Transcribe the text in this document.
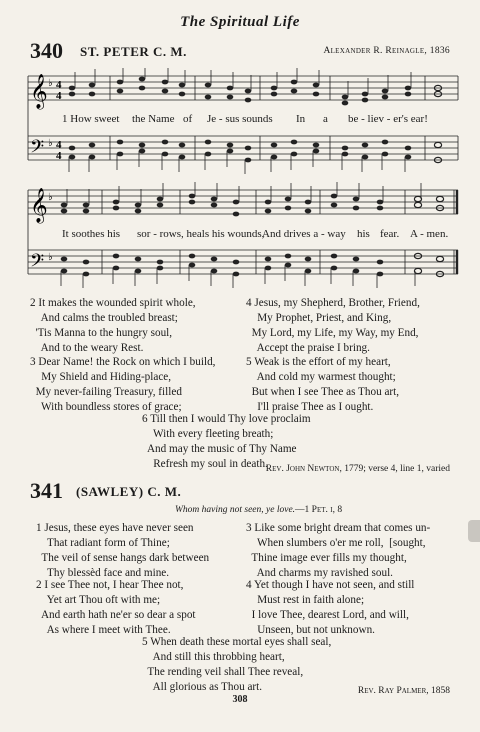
The Spiritual Life
340 ST. PETER C. M.	Alexander R. Reinagle, 1836
𝄞
𝄢
♭
♭
4
4
4
4
1 How sweet the Name of Je - sus sounds In a be - liev - er's ear!
𝄞
𝄢
♭
♭
It soothes his sor - rows, heals his wounds,
And drives a - way his fear. A - men.
2 It makes the wounded spirit whole,
And calms the troubled breast;
'Tis Manna to the hungry soul,
And to the weary Rest.
4 Jesus, my Shepherd, Brother, Friend,
My Prophet, Priest, and King,
My Lord, my Life, my Way, my End,
Accept the praise I bring.
3 Dear Name! the Rock on which I build,
My Shield and Hiding-place,
My never-failing Treasury, filled
With boundless stores of grace;
5 Weak is the effort of my heart,
And cold my warmest thought;
But when I see Thee as Thou art,
I'll praise Thee as I ought.
6 Till then I would Thy love proclaim
With every fleeting breath;
And may the music of Thy Name
Refresh my soul in death.
Rev. John Newton, 1779; verse 4, line 1, varied
341 (SAWLEY) C. M.
Whom having not seen, ye love.—1 Pet. i, 8
1 Jesus, these eyes have never seen
That radiant form of Thine;
The veil of sense hangs dark between
Thy blessèd face and mine.
3 Like some bright dream that comes un-
When slumbers o'er me roll,  [sought,
Thine image ever fills my thought,
And charms my ravished soul.
2 I see Thee not, I hear Thee not,
Yet art Thou oft with me;
And earth hath ne'er so dear a spot
As where I meet with Thee.
4 Yet though I have not seen, and still
Must rest in faith alone;
I love Thee, dearest Lord, and will,
Unseen, but not unknown.
5 When death these mortal eyes shall seal,
And still this throbbing heart,
The rending veil shall Thee reveal,
All glorious as Thou art.	Rev. Ray Palmer, 1858
308
